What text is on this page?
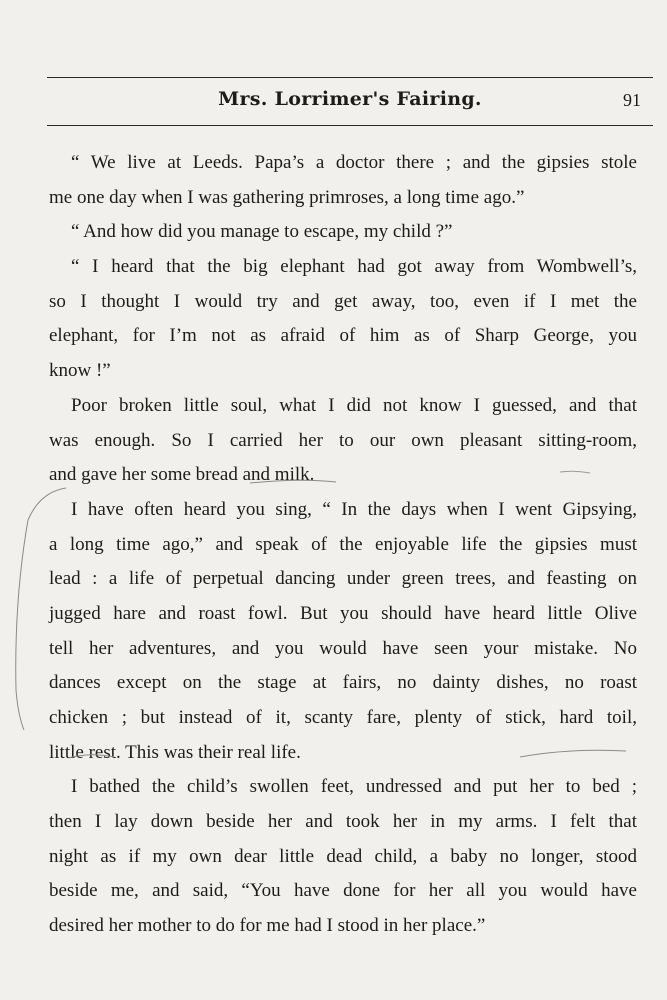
Mrs. Lorrimer's Fairing.	91
“ We live at Leeds. Papa’s a doctor there ; and the gipsies stole
me one day when I was gathering primroses, a long time ago.”
“ And how did you manage to escape, my child ?”
“ I heard that the big elephant had got away from Wombwell’s,
so I thought I would try and get away, too, even if I met the
elephant, for I’m not as afraid of him as of Sharp George, you
know !”
Poor broken little soul, what I did not know I guessed, and that
was enough. So I carried her to our own pleasant sitting-room,
and gave her some bread and milk.
I have often heard you sing, “ In the days when I went Gipsying,
a long time ago,” and speak of the enjoyable life the gipsies must
lead : a life of perpetual dancing under green trees, and feasting on
jugged hare and roast fowl. But you should have heard little Olive
tell her adventures, and you would have seen your mistake. No
dances except on the stage at fairs, no dainty dishes, no roast
chicken ; but instead of it, scanty fare, plenty of stick, hard toil,
little rest. This was their real life.
I bathed the child’s swollen feet, undressed and put her to bed ;
then I lay down beside her and took her in my arms. I felt that
night as if my own dear little dead child, a baby no longer, stood
beside me, and said, “You have done for her all you would have
desired her mother to do for me had I stood in her place.”
